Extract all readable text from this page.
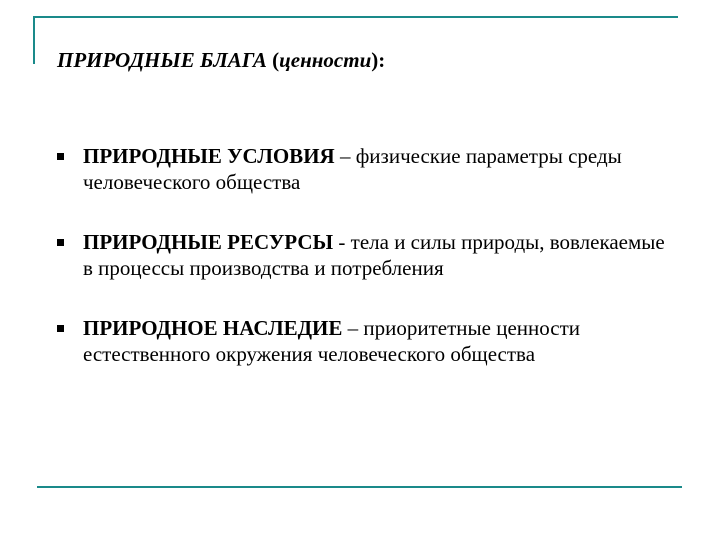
ПРИРОДНЫЕ БЛАГА (ценности):
ПРИРОДНЫЕ УСЛОВИЯ – физические параметры среды человеческого общества
ПРИРОДНЫЕ РЕСУРСЫ - тела и силы природы, вовлекаемые в процессы производства и потребления
ПРИРОДНОЕ НАСЛЕДИЕ – приоритетные ценности естественного окружения человеческого общества
